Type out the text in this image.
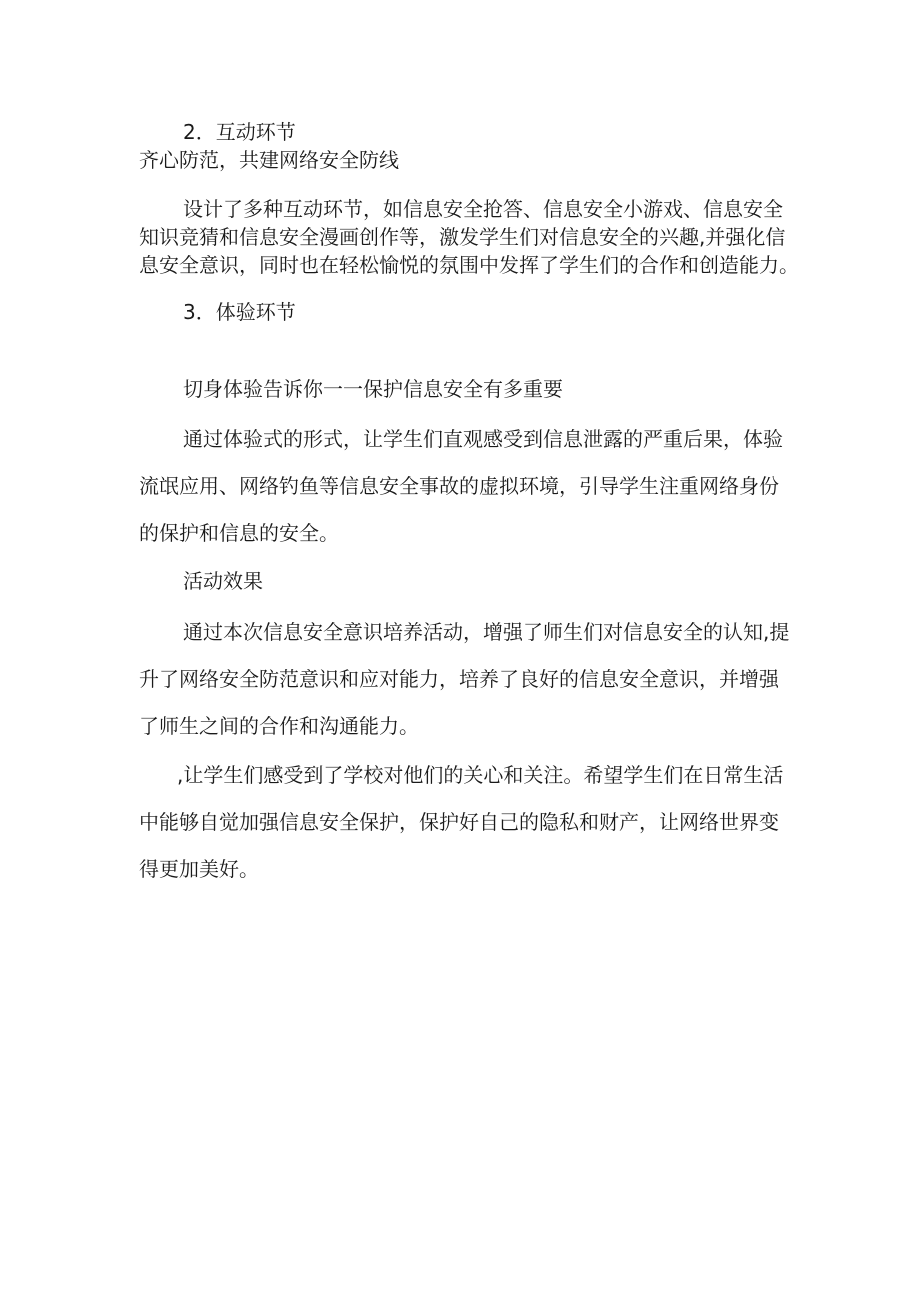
2．互动环节

齐心防范，共建网络安全防线

设计了多种互动环节，如信息安全抢答、信息安全小游戏、信息安全

知识竞猜和信息安全漫画创作等，激发学生们对信息安全的兴趣,并强化信

息安全意识，同时也在轻松愉悦的氛围中发挥了学生们的合作和创造能力。

3．体验环节

切身体验告诉你一一保护信息安全有多重要

通过体验式的形式，让学生们直观感受到信息泄露的严重后果，体验

流氓应用、网络钓鱼等信息安全事故的虚拟环境，引导学生注重网络身份

的保护和信息的安全。

活动效果

通过本次信息安全意识培养活动，增强了师生们对信息安全的认知,提

升了网络安全防范意识和应对能力，培养了良好的信息安全意识，并增强

了师生之间的合作和沟通能力。

,让学生们感受到了学校对他们的关心和关注。希望学生们在日常生活

中能够自觉加强信息安全保护，保护好自己的隐私和财产，让网络世界变

得更加美好。
